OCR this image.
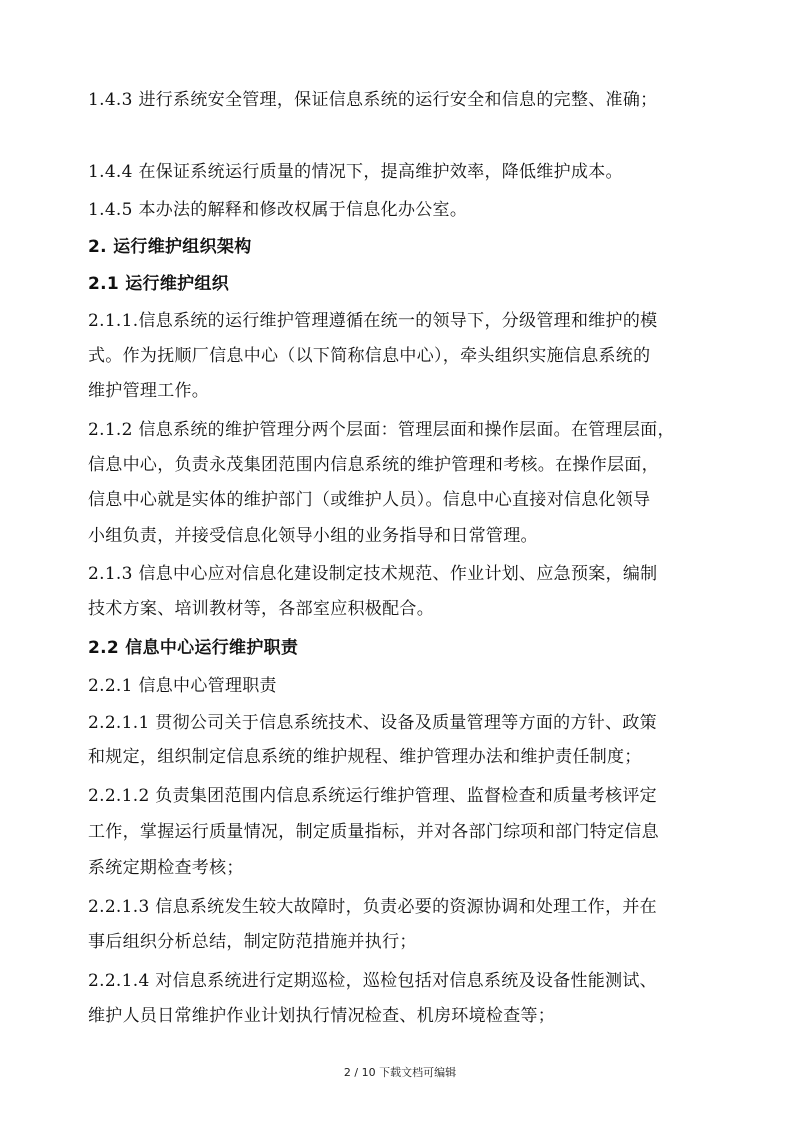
1.4.3 进行系统安全管理，保证信息系统的运行安全和信息的完整、准确；
1.4.4 在保证系统运行质量的情况下，提高维护效率，降低维护成本。
1.4.5 本办法的解释和修改权属于信息化办公室。
2. 运行维护组织架构
2.1 运行维护组织
2.1.1.信息系统的运行维护管理遵循在统一的领导下，分级管理和维护的模
式。作为抚顺厂信息中心（以下简称信息中心），牵头组织实施信息系统的
维护管理工作。
2.1.2 信息系统的维护管理分两个层面：管理层面和操作层面。在管理层面，
信息中心，负责永茂集团范围内信息系统的维护管理和考核。在操作层面，
信息中心就是实体的维护部门（或维护人员）。信息中心直接对信息化领导
小组负责，并接受信息化领导小组的业务指导和日常管理。
2.1.3 信息中心应对信息化建设制定技术规范、作业计划、应急预案，编制
技术方案、培训教材等，各部室应积极配合。
2.2 信息中心运行维护职责
2.2.1 信息中心管理职责
2.2.1.1 贯彻公司关于信息系统技术、设备及质量管理等方面的方针、政策
和规定，组织制定信息系统的维护规程、维护管理办法和维护责任制度；
2.2.1.2 负责集团范围内信息系统运行维护管理、监督检查和质量考核评定
工作，掌握运行质量情况，制定质量指标，并对各部门综项和部门特定信息
系统定期检查考核；
2.2.1.3 信息系统发生较大故障时，负责必要的资源协调和处理工作，并在
事后组织分析总结，制定防范措施并执行；
2.2.1.4 对信息系统进行定期巡检，巡检包括对信息系统及设备性能测试、
维护人员日常维护作业计划执行情况检查、机房环境检查等；
2 / 10 下载文档可编辑
